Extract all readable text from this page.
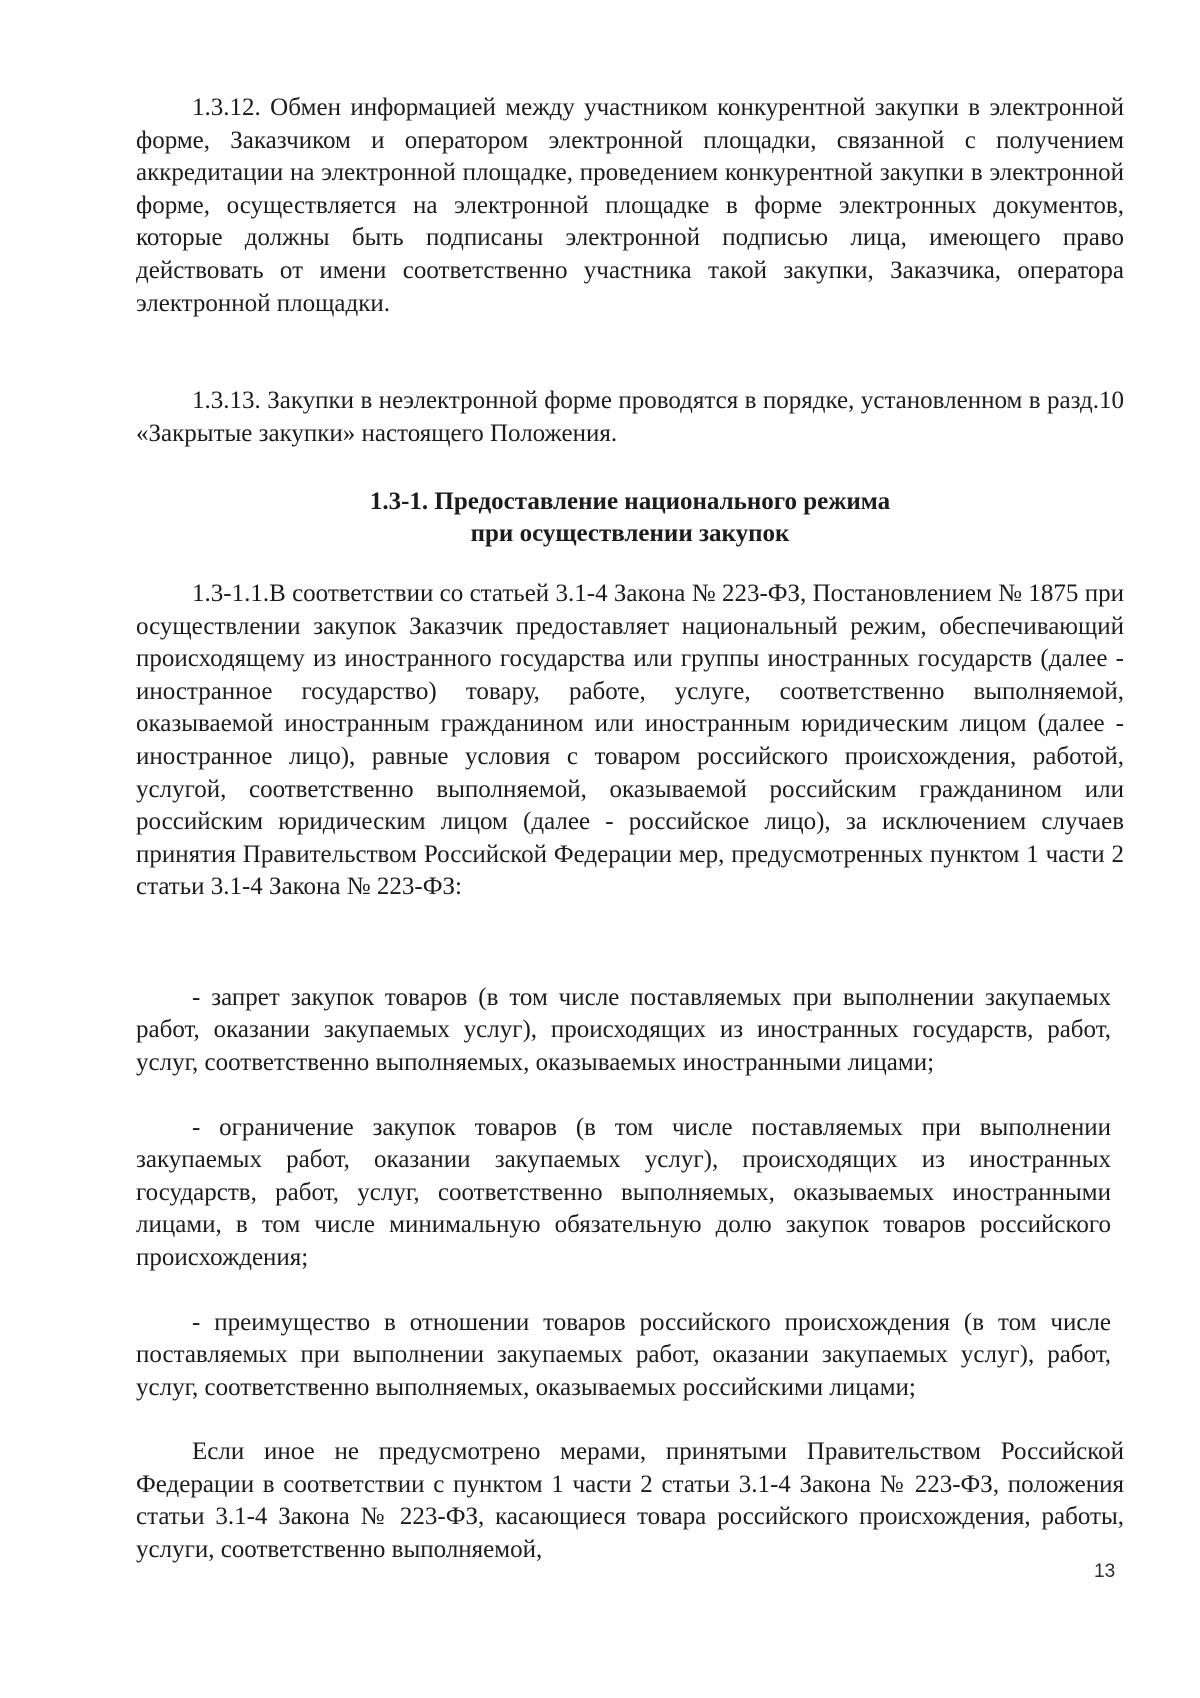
1.3.12. Обмен информацией между участником конкурентной закупки в электронной форме, Заказчиком и оператором электронной площадки, связанной с получением аккредитации на электронной площадке, проведением конкурентной закупки в электронной форме, осуществляется на электронной площадке в форме электронных документов, которые должны быть подписаны электронной подписью лица, имеющего право действовать от имени соответственно участника такой закупки, Заказчика, оператора электронной площадки.

1.3.13. Закупки в неэлектронной форме проводятся в порядке, установленном в разд.10 «Закрытые закупки» настоящего Положения.

1.3-1. Предоставление национального режима
при осуществлении закупок

1.3-1.1.В соответствии со статьей 3.1-4 Закона № 223-ФЗ, Постановлением № 1875 при осуществлении закупок Заказчик предоставляет национальный режим, обеспечивающий происходящему из иностранного государства или группы иностранных государств (далее - иностранное государство) товару, работе, услуге, соответственно выполняемой, оказываемой иностранным гражданином или иностранным юридическим лицом (далее - иностранное лицо), равные условия с товаром российского происхождения, работой, услугой, соответственно выполняемой, оказываемой российским гражданином или российским юридическим лицом (далее - российское лицо), за исключением случаев принятия Правительством Российской Федерации мер, предусмотренных пунктом 1 части 2 статьи 3.1-4 Закона № 223-ФЗ:

- запрет закупок товаров (в том числе поставляемых при выполнении закупаемых работ, оказании закупаемых услуг), происходящих из иностранных государств, работ, услуг, соответственно выполняемых, оказываемых иностранными лицами;

- ограничение закупок товаров (в том числе поставляемых при выполнении закупаемых работ, оказании закупаемых услуг), происходящих из иностранных государств, работ, услуг, соответственно выполняемых, оказываемых иностранными лицами, в том числе минимальную обязательную долю закупок товаров российского происхождения;

- преимущество в отношении товаров российского происхождения (в том числе поставляемых при выполнении закупаемых работ, оказании закупаемых услуг), работ, услуг, соответственно выполняемых, оказываемых российскими лицами;

Если иное не предусмотрено мерами, принятыми Правительством Российской Федерации в соответствии с пунктом 1 части 2 статьи 3.1-4 Закона № 223-ФЗ, положения статьи 3.1-4 Закона № 223-ФЗ, касающиеся товара российского происхождения, работы, услуги, соответственно выполняемой,

13
